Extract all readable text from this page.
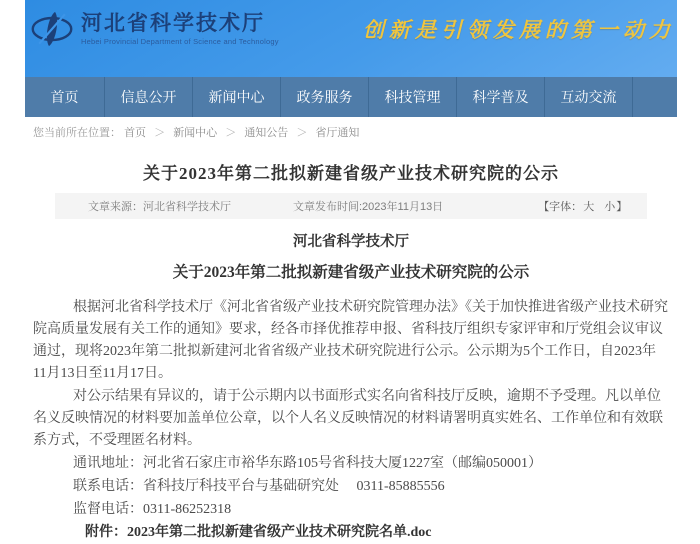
河北省科学技术厅
Hebei Provincial Department of Science and Technology	创新是引领发展的第一动力
首页	信息公开	新闻中心	政务服务	科技管理	科学普及	互动交流
您当前所在位置： 首页 ＞ 新闻中心 ＞ 通知公告 ＞ 省厅通知
关于2023年第二批拟新建省级产业技术研究院的公示
文章来源：河北省科学技术厅	文章发布时间:2023年11月13日	【字体：大 小】

河北省科学技术厅

关于2023年第二批拟新建省级产业技术研究院的公示

根据河北省科学技术厅《河北省省级产业技术研究院管理办法》《关于加快推进省级产业技术研究院高质量发展有关工作的通知》要求，经各市择优推荐申报、省科技厅组织专家评审和厅党组会议审议通过，现将2023年第二批拟新建河北省省级产业技术研究院进行公示。公示期为5个工作日，自2023年11月13日至11月17日。

对公示结果有异议的，请于公示期内以书面形式实名向省科技厅反映，逾期不予受理。凡以单位名义反映情况的材料要加盖单位公章，以个人名义反映情况的材料请署明真实姓名、工作单位和有效联系方式，不受理匿名材料。

通讯地址：河北省石家庄市裕华东路105号省科技大厦1227室（邮编050001）

联系电话：省科技厅科技平台与基础研究处　 0311-85885556

监督电话：0311-86252318

附件：2023年第二批拟新建省级产业技术研究院名单.doc
